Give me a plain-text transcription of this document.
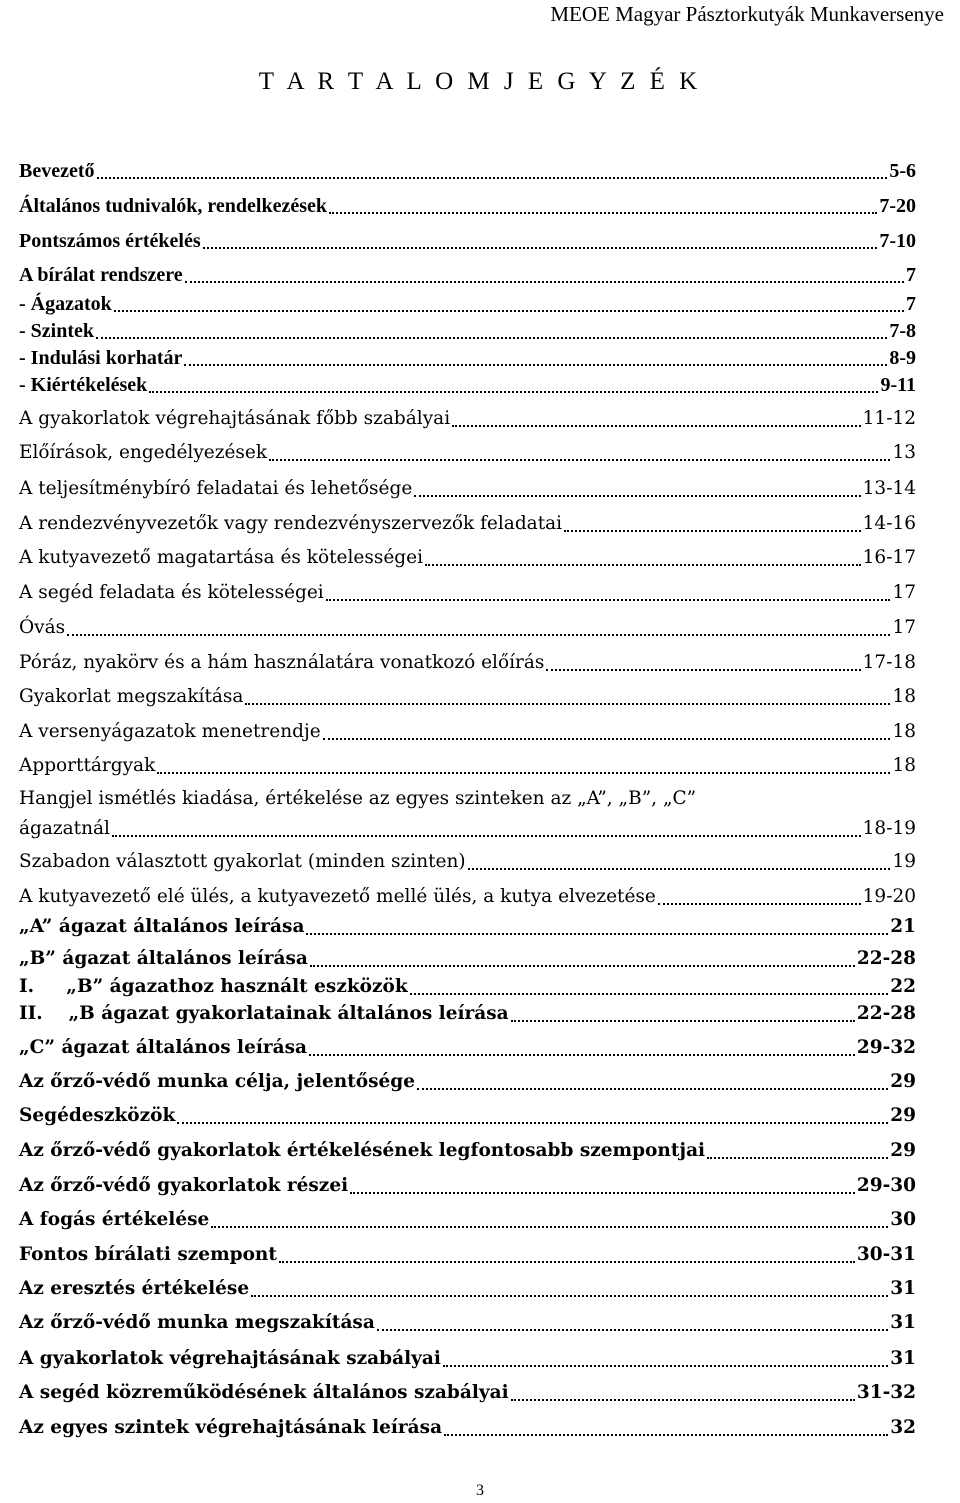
MEOE Magyar Pásztorkutyák Munkaversenye
T A R T A L O M J E G Y Z É K
Bevezető	5-6
Általános tudnivalók, rendelkezések	7-20
Pontszámos értékelés	7-10
A bírálat rendszere	7
- Ágazatok	7
- Szintek	7-8
- Indulási korhatár	8-9
- Kiértékelések	9-11
A gyakorlatok végrehajtásának főbb szabályai	11-12
Előírások, engedélyezések	13
A teljesítménybíró feladatai és lehetősége	13-14
A rendezvényvezetők vagy rendezvényszervezők feladatai	14-16
A kutyavezető magatartása és kötelességei	16-17
A segéd feladata és kötelességei	17
Óvás	17
Póráz, nyakörv és a hám használatára vonatkozó előírás	17-18
Gyakorlat megszakítása	18
A versenyágazatok menetrendje	18
Apporttárgyak	18
Hangjel ismétlés kiadása, értékelése az egyes szinteken az „A”, „B”, „C”
ágazatnál	18-19
Szabadon választott gyakorlat (minden szinten)	19
A kutyavezető elé ülés, a kutyavezető mellé ülés, a kutya elvezetése	19-20
„A” ágazat általános leírása	21
„B” ágazat általános leírása	22-28
I.     „B” ágazathoz használt eszközök	22
II.    „B ágazat gyakorlatainak általános leírása	22-28
„C” ágazat általános leírása	29-32
Az őrző-védő munka célja, jelentősége	29
Segédeszközök	29
Az őrző-védő gyakorlatok értékelésének legfontosabb szempontjai	29
Az őrző-védő gyakorlatok részei	29-30
A fogás értékelése	30
Fontos bírálati szempont	30-31
Az eresztés értékelése	31
Az őrző-védő munka megszakítása	31
A gyakorlatok végrehajtásának szabályai	31
A segéd közreműködésének általános szabályai	31-32
Az egyes szintek végrehajtásának leírása	32
3
